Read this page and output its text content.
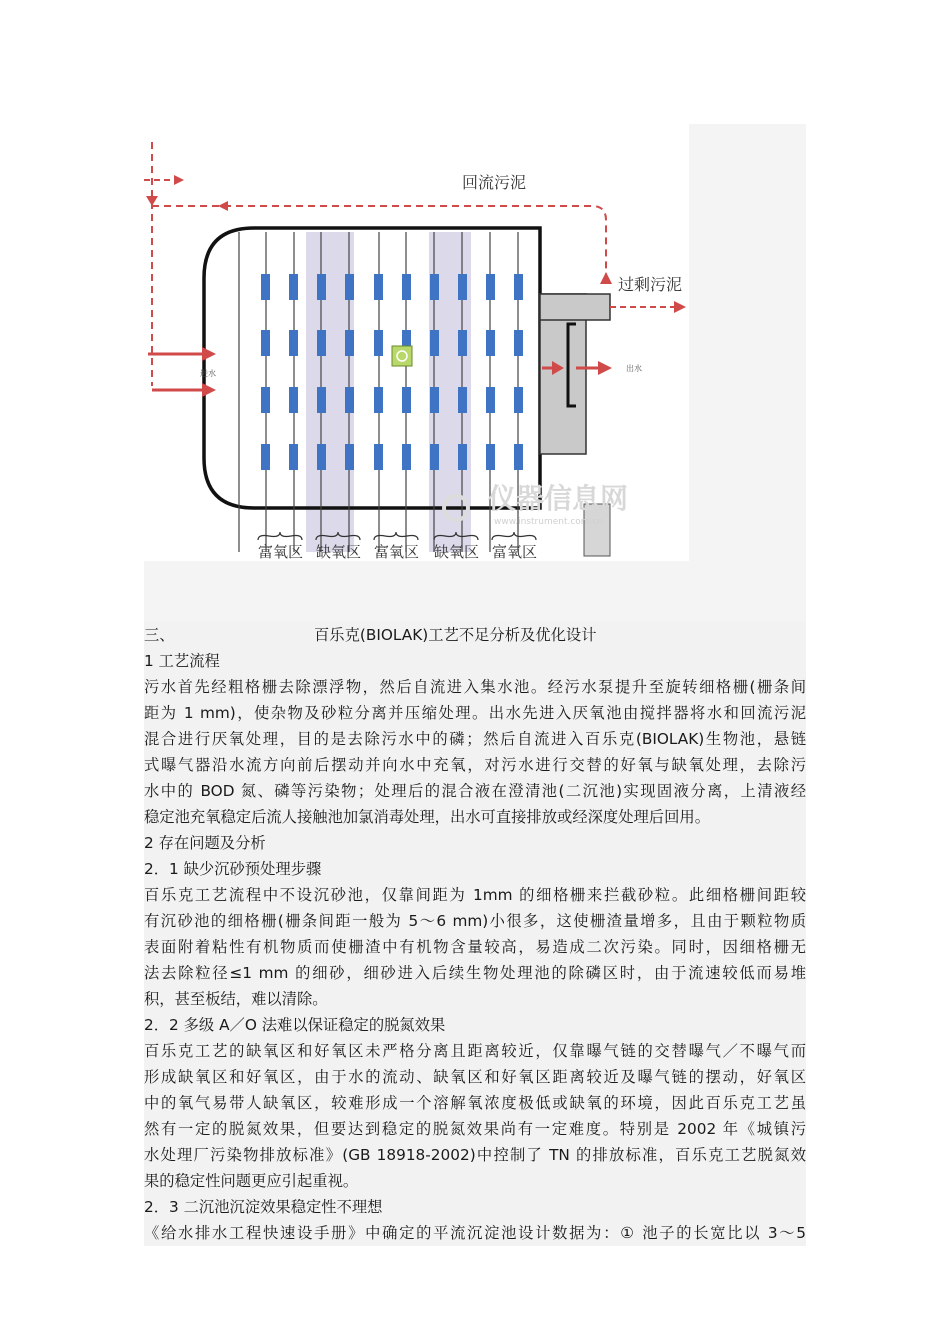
回流污泥
过剩污泥
进水
出水
富氧区 缺氧区 富氧区 缺氧区 富氧区
仪器信息网
www.instrument.com.cn
三、	百乐克(BIOLAK)工艺不足分析及优化设计
1 工艺流程
污水首先经粗格栅去除漂浮物，然后自流进入集水池。经污水泵提升至旋转细格栅(栅条间
距为 1 mm)，使杂物及砂粒分离并压缩处理。出水先进入厌氧池由搅拌器将水和回流污泥
混合进行厌氧处理，目的是去除污水中的磷；然后自流进入百乐克(BIOLAK)生物池，悬链
式曝气器沿水流方向前后摆动并向水中充氧，对污水进行交替的好氧与缺氧处理，去除污
水中的 BOD 氮、磷等污染物；处理后的混合液在澄清池(二沉池)实现固液分离，上清液经
稳定池充氧稳定后流人接触池加氯消毒处理，出水可直接排放或经深度处理后回用。
2 存在问题及分析
2．1 缺少沉砂预处理步骤
百乐克工艺流程中不设沉砂池，仅靠间距为 1mm 的细格栅来拦截砂粒。此细格栅间距较
有沉砂池的细格栅(栅条间距一般为 5～6 mm)小很多，这使栅渣量增多，且由于颗粒物质
表面附着粘性有机物质而使栅渣中有机物含量较高，易造成二次污染。同时，因细格栅无
法去除粒径≤1 mm 的细砂，细砂进入后续生物处理池的除磷区时，由于流速较低而易堆
积，甚至板结，难以清除。
2．2 多级 A／O 法难以保证稳定的脱氮效果
百乐克工艺的缺氧区和好氧区未严格分离且距离较近，仅靠曝气链的交替曝气／不曝气而
形成缺氧区和好氧区，由于水的流动、缺氧区和好氧区距离较近及曝气链的摆动，好氧区
中的氧气易带人缺氧区，较难形成一个溶解氧浓度极低或缺氧的环境，因此百乐克工艺虽
然有一定的脱氮效果，但要达到稳定的脱氮效果尚有一定难度。特别是 2002 年《城镇污
水处理厂污染物排放标准》(GB 18918-2002)中控制了 TN 的排放标准，百乐克工艺脱氮效
果的稳定性问题更应引起重视。
2．3 二沉池沉淀效果稳定性不理想
《给水排水工程快速设手册》中确定的平流沉淀池设计数据为：① 池子的长宽比以 3～5
